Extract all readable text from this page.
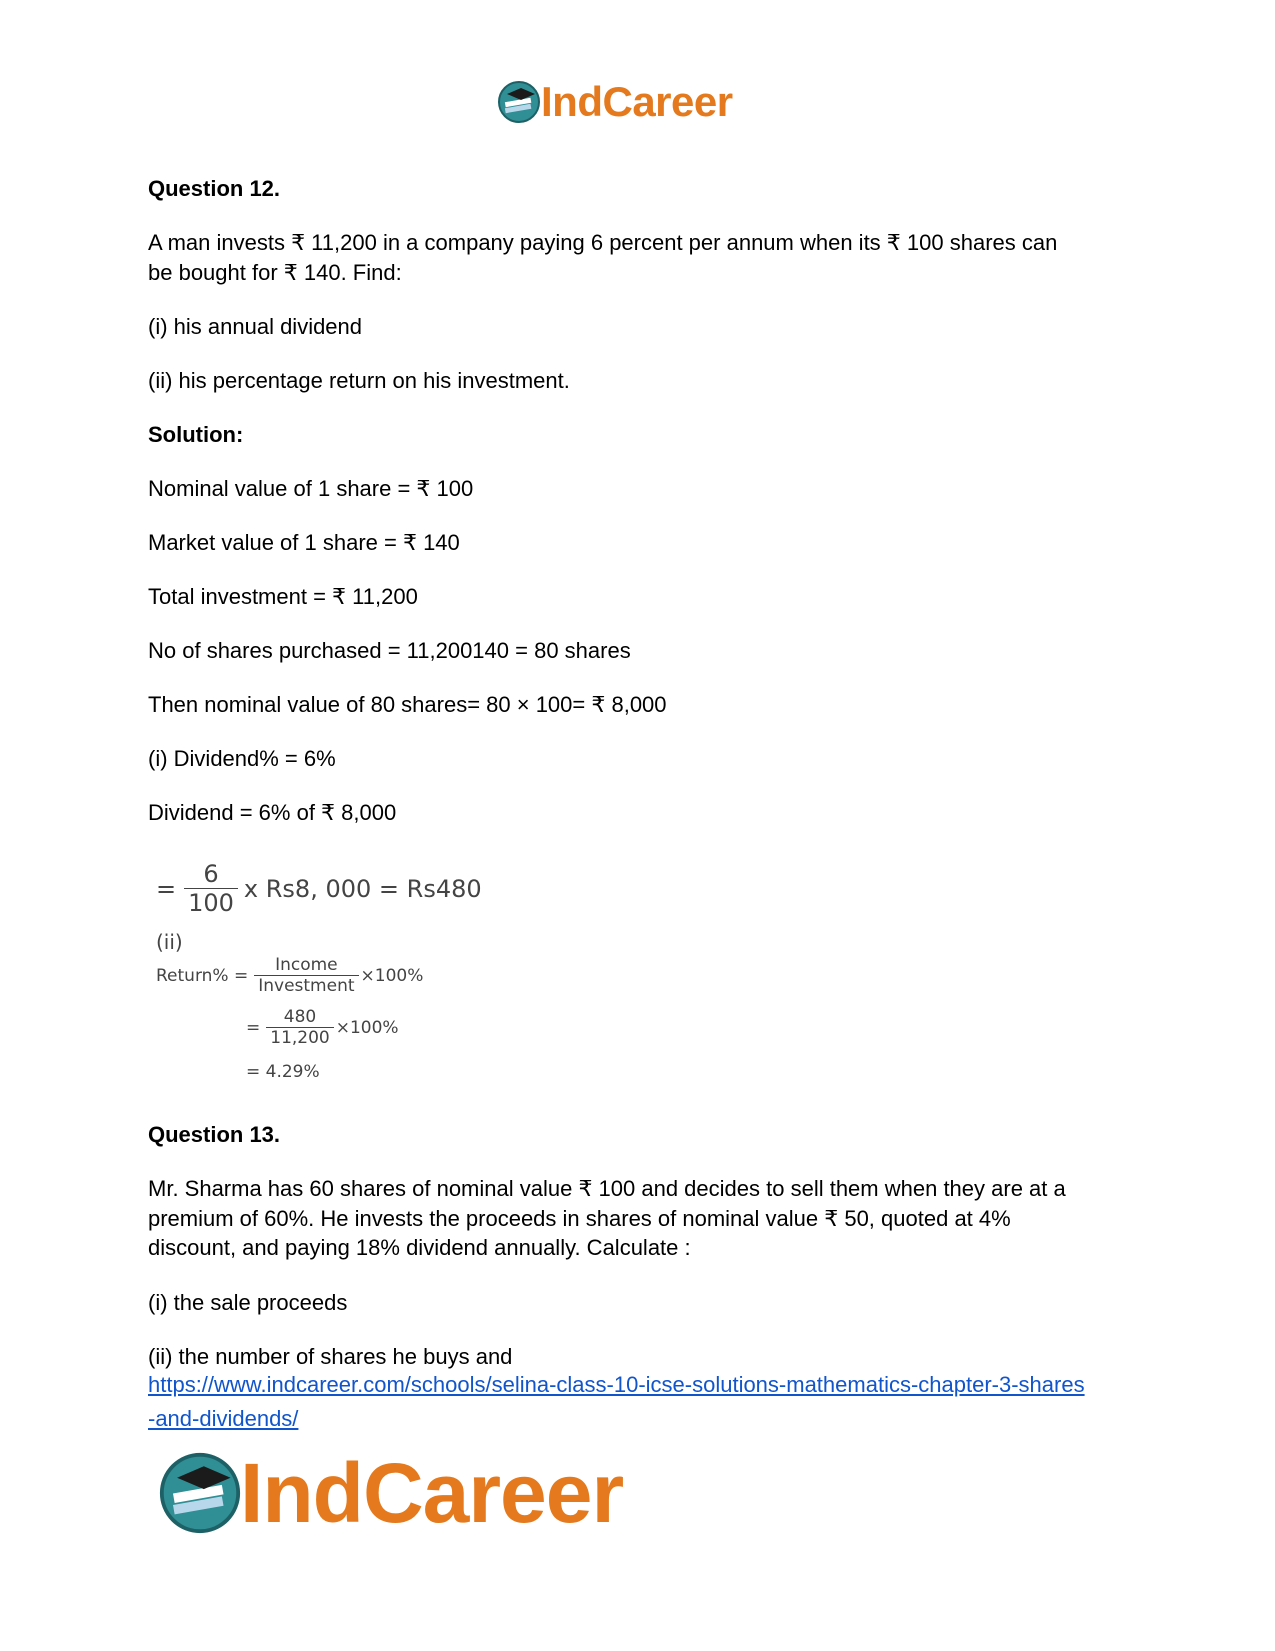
IndCareer
Question 12.
A man invests ₹ 11,200 in a company paying 6 percent per annum when its ₹ 100 shares can
be bought for ₹ 140. Find:
(i) his annual dividend
(ii) his percentage return on his investment.
Solution:
Nominal value of 1 share = ₹ 100
Market value of 1 share = ₹ 140
Total investment = ₹ 11,200
No of shares purchased = 11,200140 = 80 shares
Then nominal value of 80 shares= 80 × 100= ₹ 8,000
(i) Dividend% = 6%
Dividend = 6% of ₹ 8,000
= $\frac{6}{100}$ x Rs8, 000 = Rs480
(ii)
Return% = $\frac{\text{Income}}{\text{Investment}} \times 100\%$
= $\frac{480}{11,200} \times 100\%$
= 4.29%
Question 13.
Mr. Sharma has 60 shares of nominal value ₹ 100 and decides to sell them when they are at a
premium of 60%. He invests the proceeds in shares of nominal value ₹ 50, quoted at 4%
discount, and paying 18% dividend annually. Calculate :
(i) the sale proceeds
(ii) the number of shares he buys and
https://www.indcareer.com/schools/selina-class-10-icse-solutions-mathematics-chapter-3-shares
-and-dividends/
IndCareer
